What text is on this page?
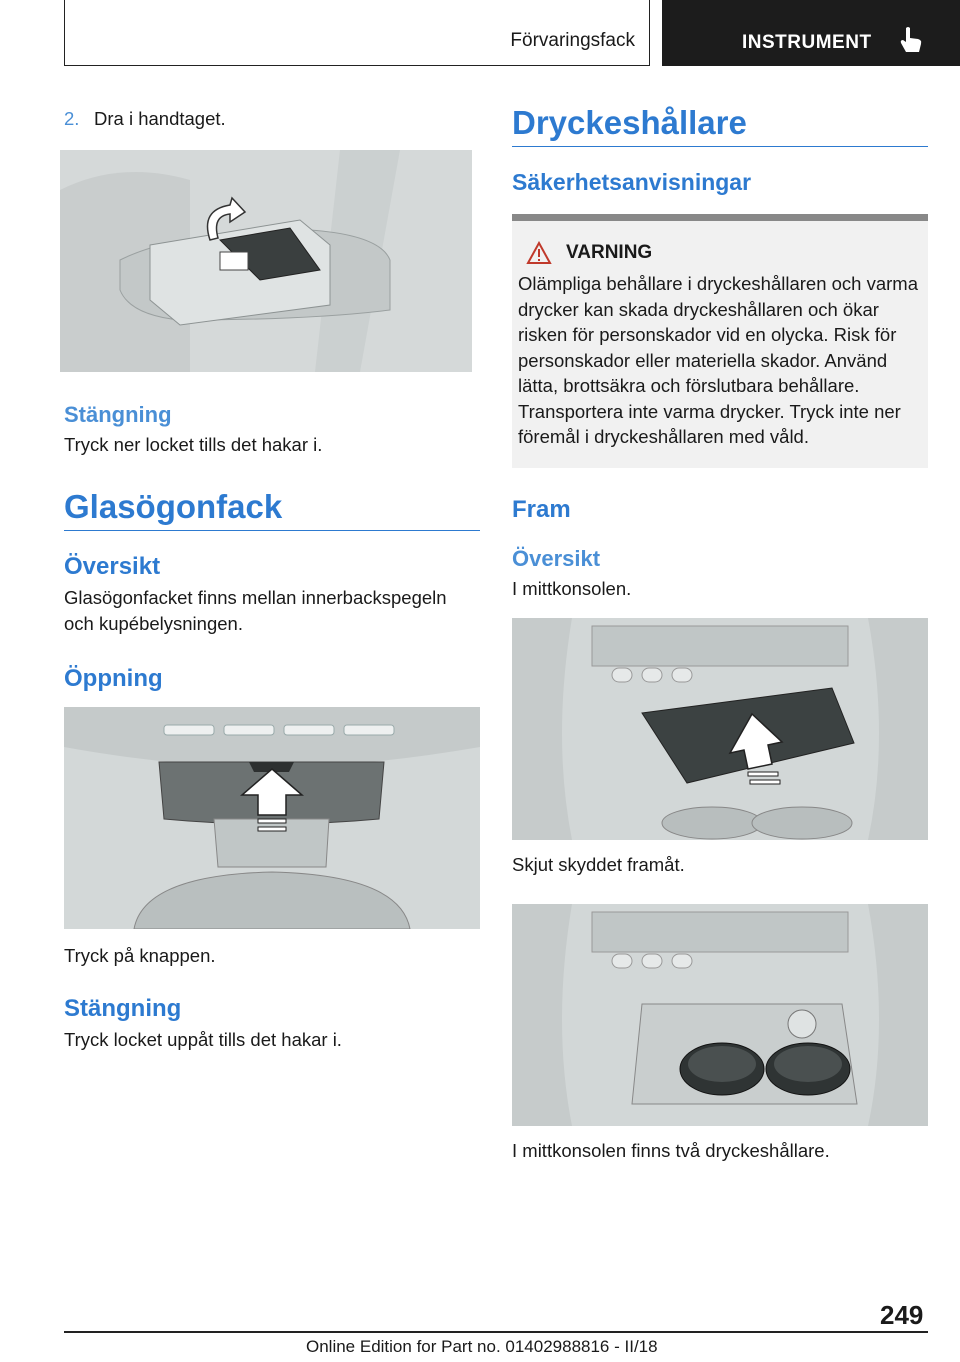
Förvaringsfack	INSTRUMENT
2. Dra i handtaget.
Stängning

Tryck ner locket tills det hakar i.

Glasögonfack
Översikt

Glasögonfacket finns mellan innerbackspegeln och kupébelysningen.

Öppning

Tryck på knappen.

Stängning

Tryck locket uppåt tills det hakar i.

Dryckeshållare
Säkerhetsanvisningar
VARNING

Olämpliga behållare i dryckeshållaren och varma drycker kan skada dryckeshållaren och ökar risken för personskador vid en olycka. Risk för personskador eller materiella skador. Använd lätta, brottsäkra och förslutbara behållare. Transportera inte varma drycker. Tryck inte ner föremål i dryckeshållaren med våld.

Fram
Översikt

I mittkonsolen.

Skjut skyddet framåt.

I mittkonsolen finns två dryckeshållare.

249
Online Edition for Part no. 01402988816 - II/18
